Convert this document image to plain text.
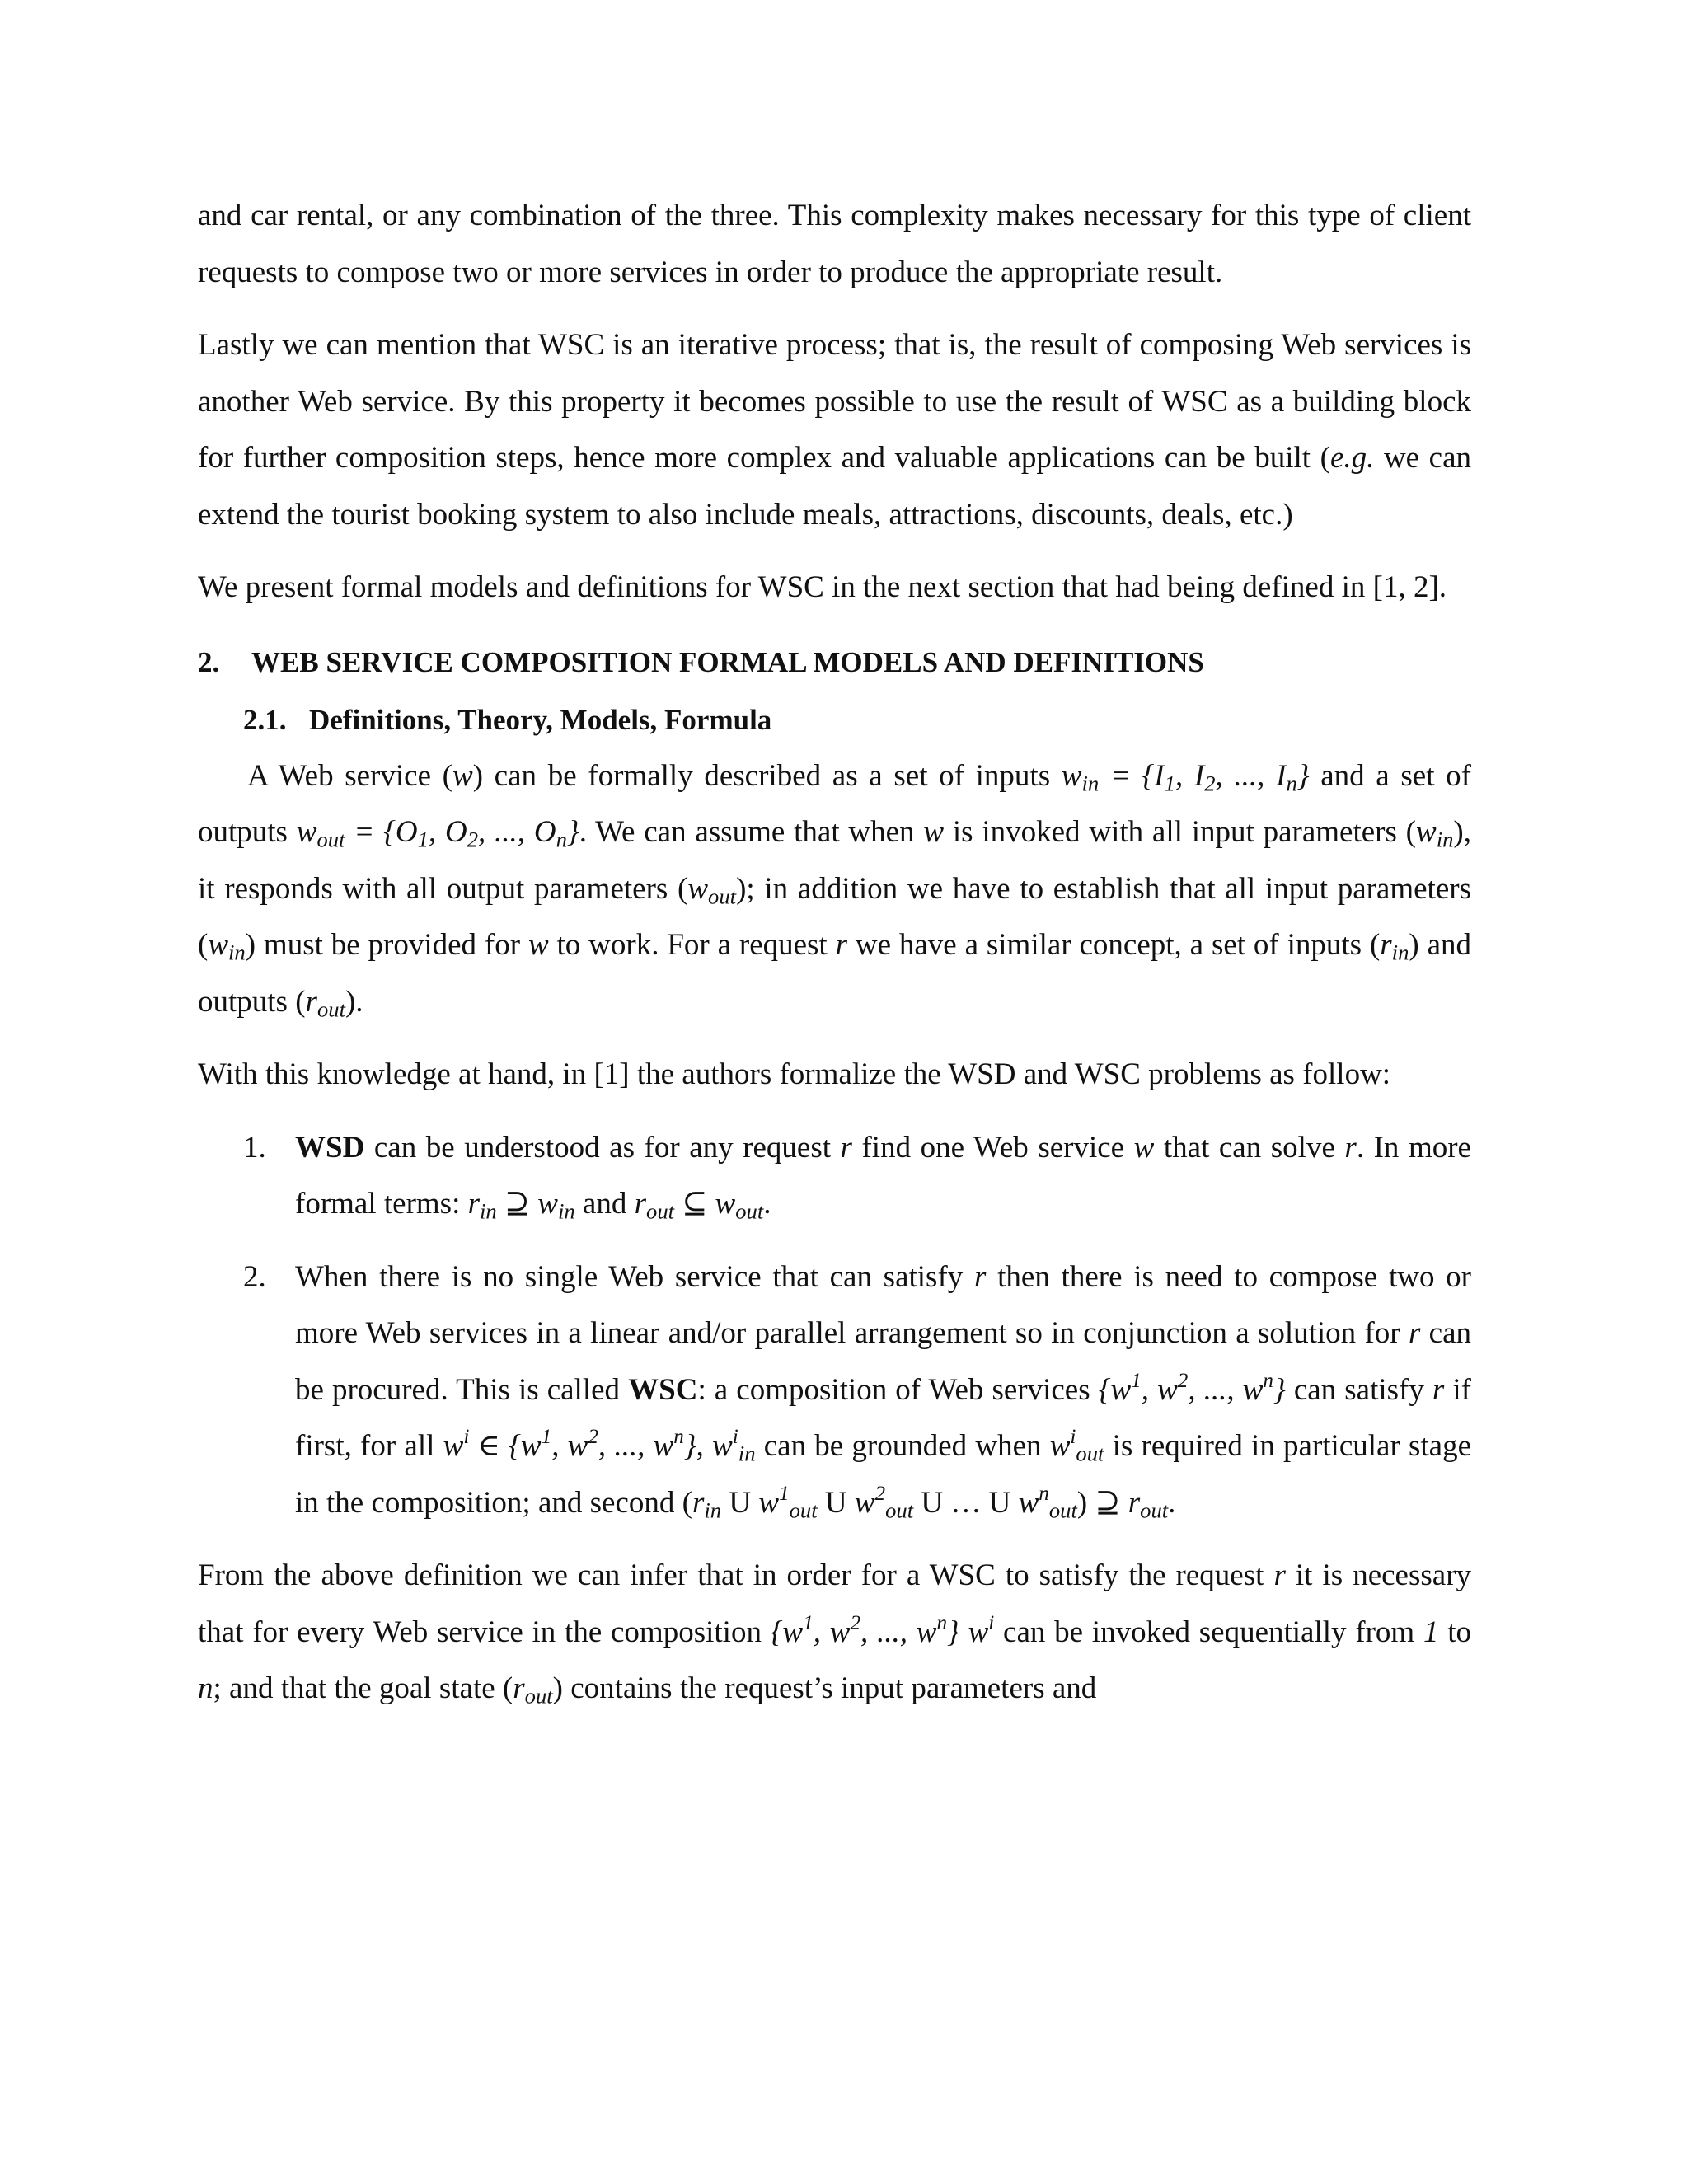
and car rental, or any combination of the three. This complexity makes necessary for this type of client requests to compose two or more services in order to produce the appropriate result.

Lastly we can mention that WSC is an iterative process; that is, the result of composing Web services is another Web service. By this property it becomes possible to use the result of WSC as a building block for further composition steps, hence more complex and valuable applications can be built (e.g. we can extend the tourist booking system to also include meals, attractions, discounts, deals, etc.)

We present formal models and definitions for WSC in the next section that had being defined in [1, 2].

2. WEB SERVICE COMPOSITION FORMAL MODELS AND DEFINITIONS
2.1. Definitions, Theory, Models, Formula

A Web service (w) can be formally described as a set of inputs $w_{in} = \{I_1$, $I_2$, ..., $I_n$} and a set of outputs $w_{out} = \{O_1$, $O_2$, ..., $O_n$}. We can assume that when w is invoked with all input parameters $(w_{in})$, it responds with all output parameters $(w_{out})$; in addition we have to establish that all input parameters $(w_{in})$ must be provided for w to work. For a request r we have a similar concept, a set of inputs $(r_{in})$ and outputs $(r_{out})$.

With this knowledge at hand, in [1] the authors formalize the WSD and WSC problems as follow:

1. WSD can be understood as for any request r find one Web service w that can solve r. In more formal terms: $r_{in}$ ⊇ $w_{in}$ and $r_{out}$ ⊆ $w_{out}$.
2. When there is no single Web service that can satisfy r then there is need to compose two or more Web services in a linear and/or parallel arrangement so in conjunction a solution for r can be procured. This is called WSC: a composition of Web services {$w^1$, $w^2$, ..., $w^n$} can satisfy r if first, for all $w^i$ ∈ {$w^1$, $w^2$, ..., $w^n$}, $w^i_{in}$ can be grounded when $w^i_{out}$ is required in particular stage in the composition; and second ($r_{in}$ U $w^1_{out}$ U $w^2_{out}$ U … U $w^n_{out}$) ⊇ $r_{out}$.

From the above definition we can infer that in order for a WSC to satisfy the request r it is necessary that for every Web service in the composition {$w^1$, $w^2$, ..., $w^n$} $w^i$ can be invoked sequentially from 1 to n; and that the goal state $(r_{out})$ contains the request’s input parameters and
